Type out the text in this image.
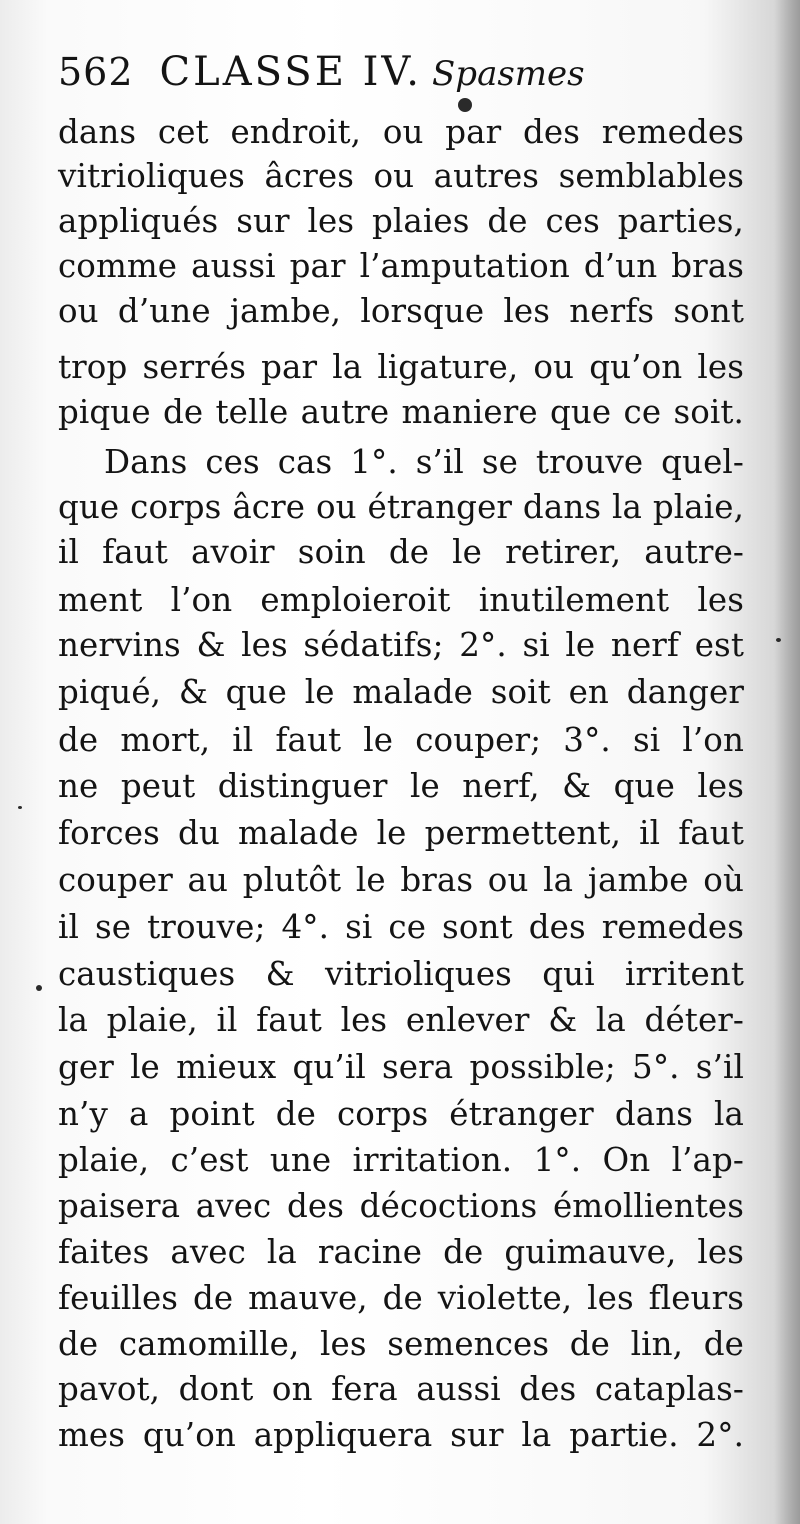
562 CLASSE IV. Spasmes
dans cet endroit, ou par des remedes
vitrioliques âcres ou autres semblables
appliqués sur les plaies de ces parties,
comme aussi par l’amputation d’un bras
ou d’une jambe, lorsque les nerfs sont
trop serrés par la ligature, ou qu’on les
pique de telle autre maniere que ce soit.
Dans ces cas 1°. s’il se trouve quel-
que corps âcre ou étranger dans la plaie,
il faut avoir soin de le retirer, autre-
ment l’on emploieroit inutilement les
nervins & les sédatifs; 2°. si le nerf est
piqué, & que le malade soit en danger
de mort, il faut le couper; 3°. si l’on
ne peut distinguer le nerf, & que les
forces du malade le permettent, il faut
couper au plutôt le bras ou la jambe où
il se trouve; 4°. si ce sont des remedes
caustiques & vitrioliques qui irritent
la plaie, il faut les enlever & la déter-
ger le mieux qu’il sera possible; 5°. s’il
n’y a point de corps étranger dans la
plaie, c’est une irritation. 1°. On l’ap-
paisera avec des décoctions émollientes
faites avec la racine de guimauve, les
feuilles de mauve, de violette, les fleurs
de camomille, les semences de lin, de
pavot, dont on fera aussi des cataplas-
mes qu’on appliquera sur la partie. 2°.
